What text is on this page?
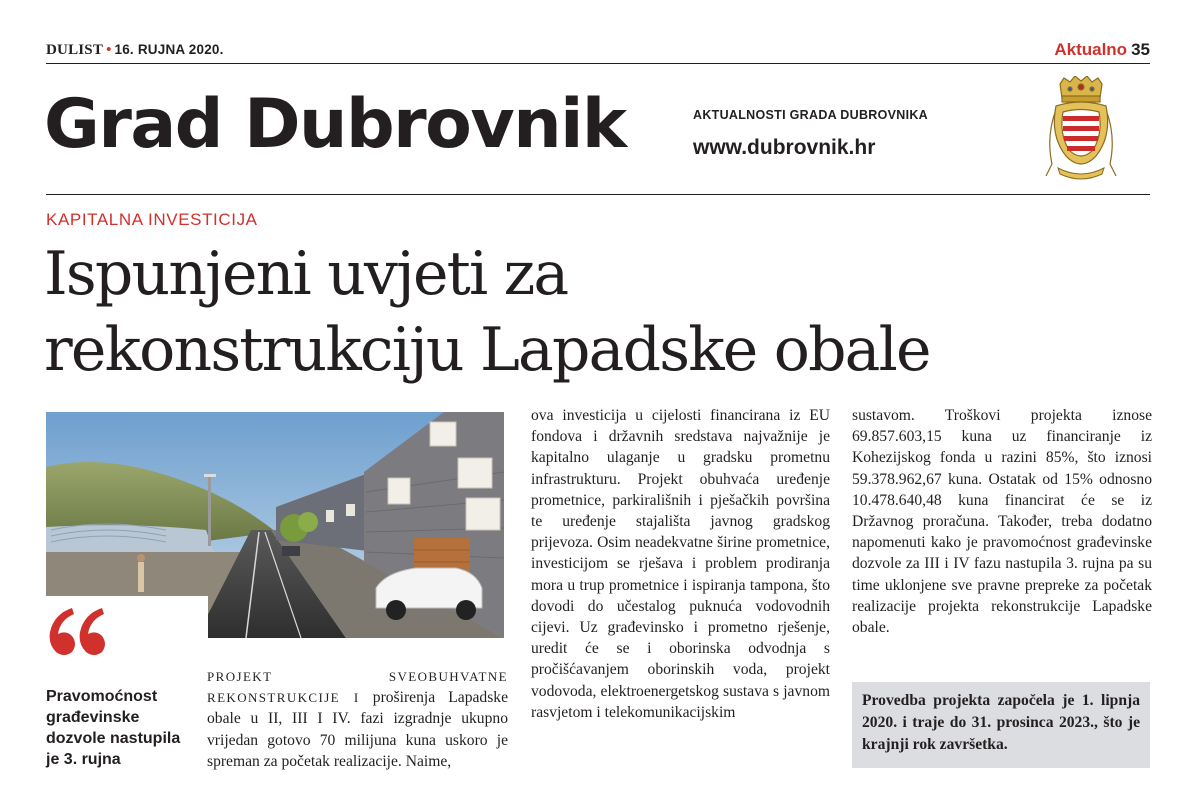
DULIST • 16. RUJNA 2020.	Aktualno 35
Grad Dubrovnik	AKTUALNOSTI GRADA DUBROVNIKA
www.dubrovnik.hr
KAPITALNA INVESTICIJA
Ispunjeni uvjeti za
rekonstrukciju Lapadske obale
Pravomoćnost građevinske dozvole nastupila je 3. rujna
PROJEKT SVEOBUHVATNE REKONSTRUKCIJE I proširenja Lapadske obale u II, III I IV. fazi izgradnje ukupno vrijedan gotovo 70 milijuna kuna uskoro je spreman za početak realizacije. Naime,
ova investicija u cijelosti financirana iz EU fondova i državnih sredstava najvažnije je kapitalno ulaganje u gradsku prometnu infrastrukturu. Projekt obuhvaća uređenje prometnice, parkirališnih i pješačkih površina te uređenje stajališta javnog gradskog prijevoza. Osim neadekvatne širine prometnice, investicijom se rješava i problem prodiranja mora u trup prometnice i ispiranja tampona, što dovodi do učestalog puknuća vodovodnih cijevi. Uz građevinsko i prometno rješenje, uredit će se i oborinska odvodnja s pročišćavanjem oborinskih voda, projekt vodovoda, elektroenergetskog sustava s javnom rasvjetom i telekomunikacijskim
sustavom. Troškovi projekta iznose 69.857.603,15 kuna uz financiranje iz Kohezijskog fonda u razini 85%, što iznosi 59.378.962,67 kuna. Ostatak od 15% odnosno 10.478.640,48 kuna financirat će se iz Državnog proračuna. Također, treba dodatno napomenuti kako je pravomoćnost građevinske dozvole za III i IV fazu nastupila 3. rujna pa su time uklonjene sve pravne prepreke za početak realizacije projekta rekonstrukcije Lapadske obale.
Provedba projekta započela je 1. lipnja 2020. i traje do 31. prosinca 2023., što je krajnji rok završetka.
